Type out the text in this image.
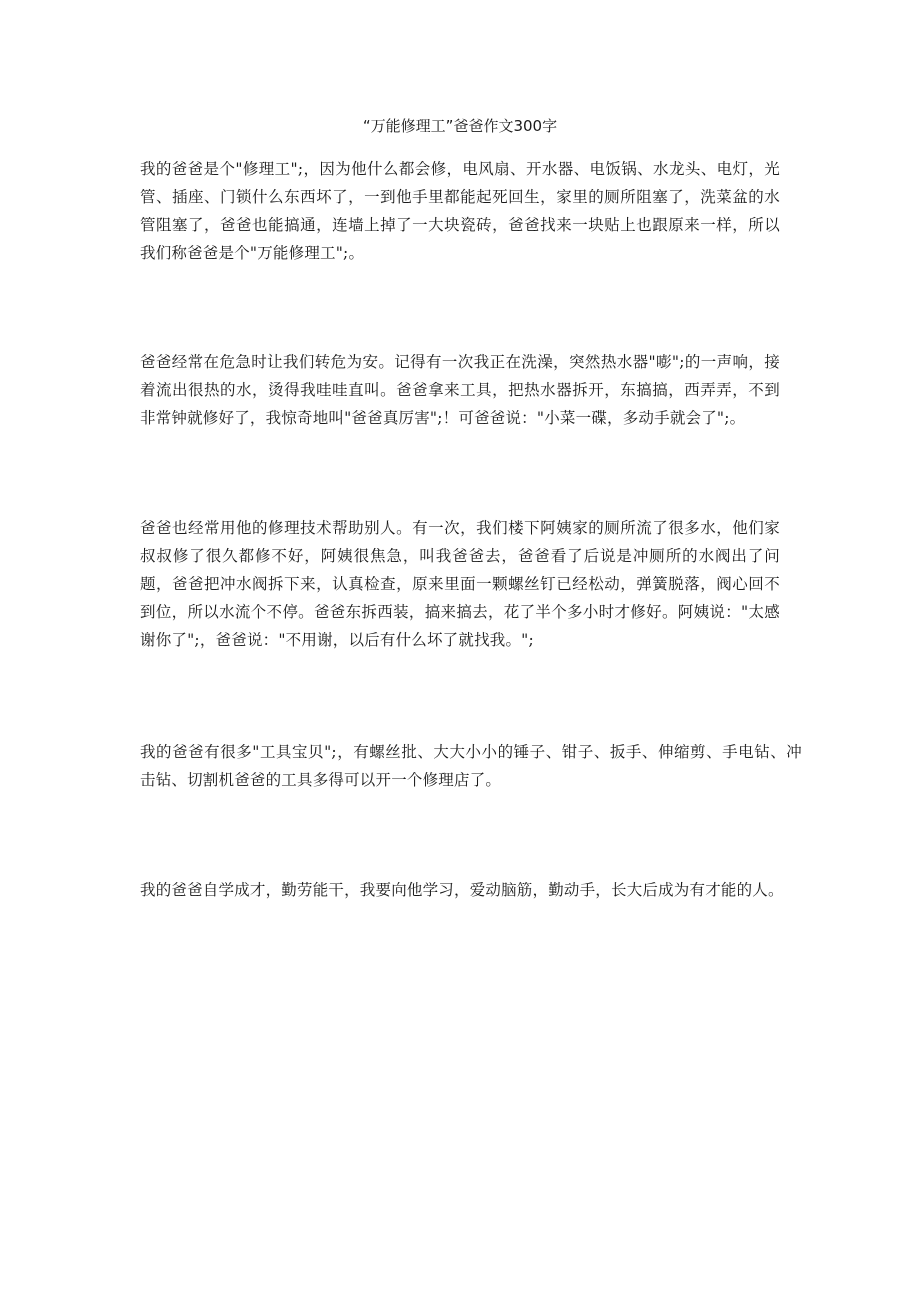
“万能修理工”爸爸作文300字

我的爸爸是个"修理工";，因为他什么都会修，电风扇、开水器、电饭锅、水龙头、电灯，光管、插座、门锁什么东西坏了，一到他手里都能起死回生，家里的厕所阻塞了，洗菜盆的水管阻塞了，爸爸也能搞通，连墙上掉了一大块瓷砖，爸爸找来一块贴上也跟原来一样，所以我们称爸爸是个"万能修理工";。

爸爸经常在危急时让我们转危为安。记得有一次我正在洗澡，突然热水器"嘭";的一声响，接着流出很热的水，烫得我哇哇直叫。爸爸拿来工具，把热水器拆开，东搞搞，西弄弄，不到非常钟就修好了，我惊奇地叫"爸爸真厉害";！可爸爸说："小菜一碟，多动手就会了";。

爸爸也经常用他的修理技术帮助别人。有一次，我们楼下阿姨家的厕所流了很多水，他们家叔叔修了很久都修不好，阿姨很焦急，叫我爸爸去，爸爸看了后说是冲厕所的水阀出了问题，爸爸把冲水阀拆下来，认真检查，原来里面一颗螺丝钉已经松动，弹簧脱落，阀心回不到位，所以水流个不停。爸爸东拆西装，搞来搞去，花了半个多小时才修好。阿姨说："太感谢你了";，爸爸说："不用谢，以后有什么坏了就找我。";

我的爸爸有很多"工具宝贝";，有螺丝批、大大小小的锤子、钳子、扳手、伸缩剪、手电钻、冲击钻、切割机爸爸的工具多得可以开一个修理店了。

我的爸爸自学成才，勤劳能干，我要向他学习，爱动脑筋，勤动手，长大后成为有才能的人。
